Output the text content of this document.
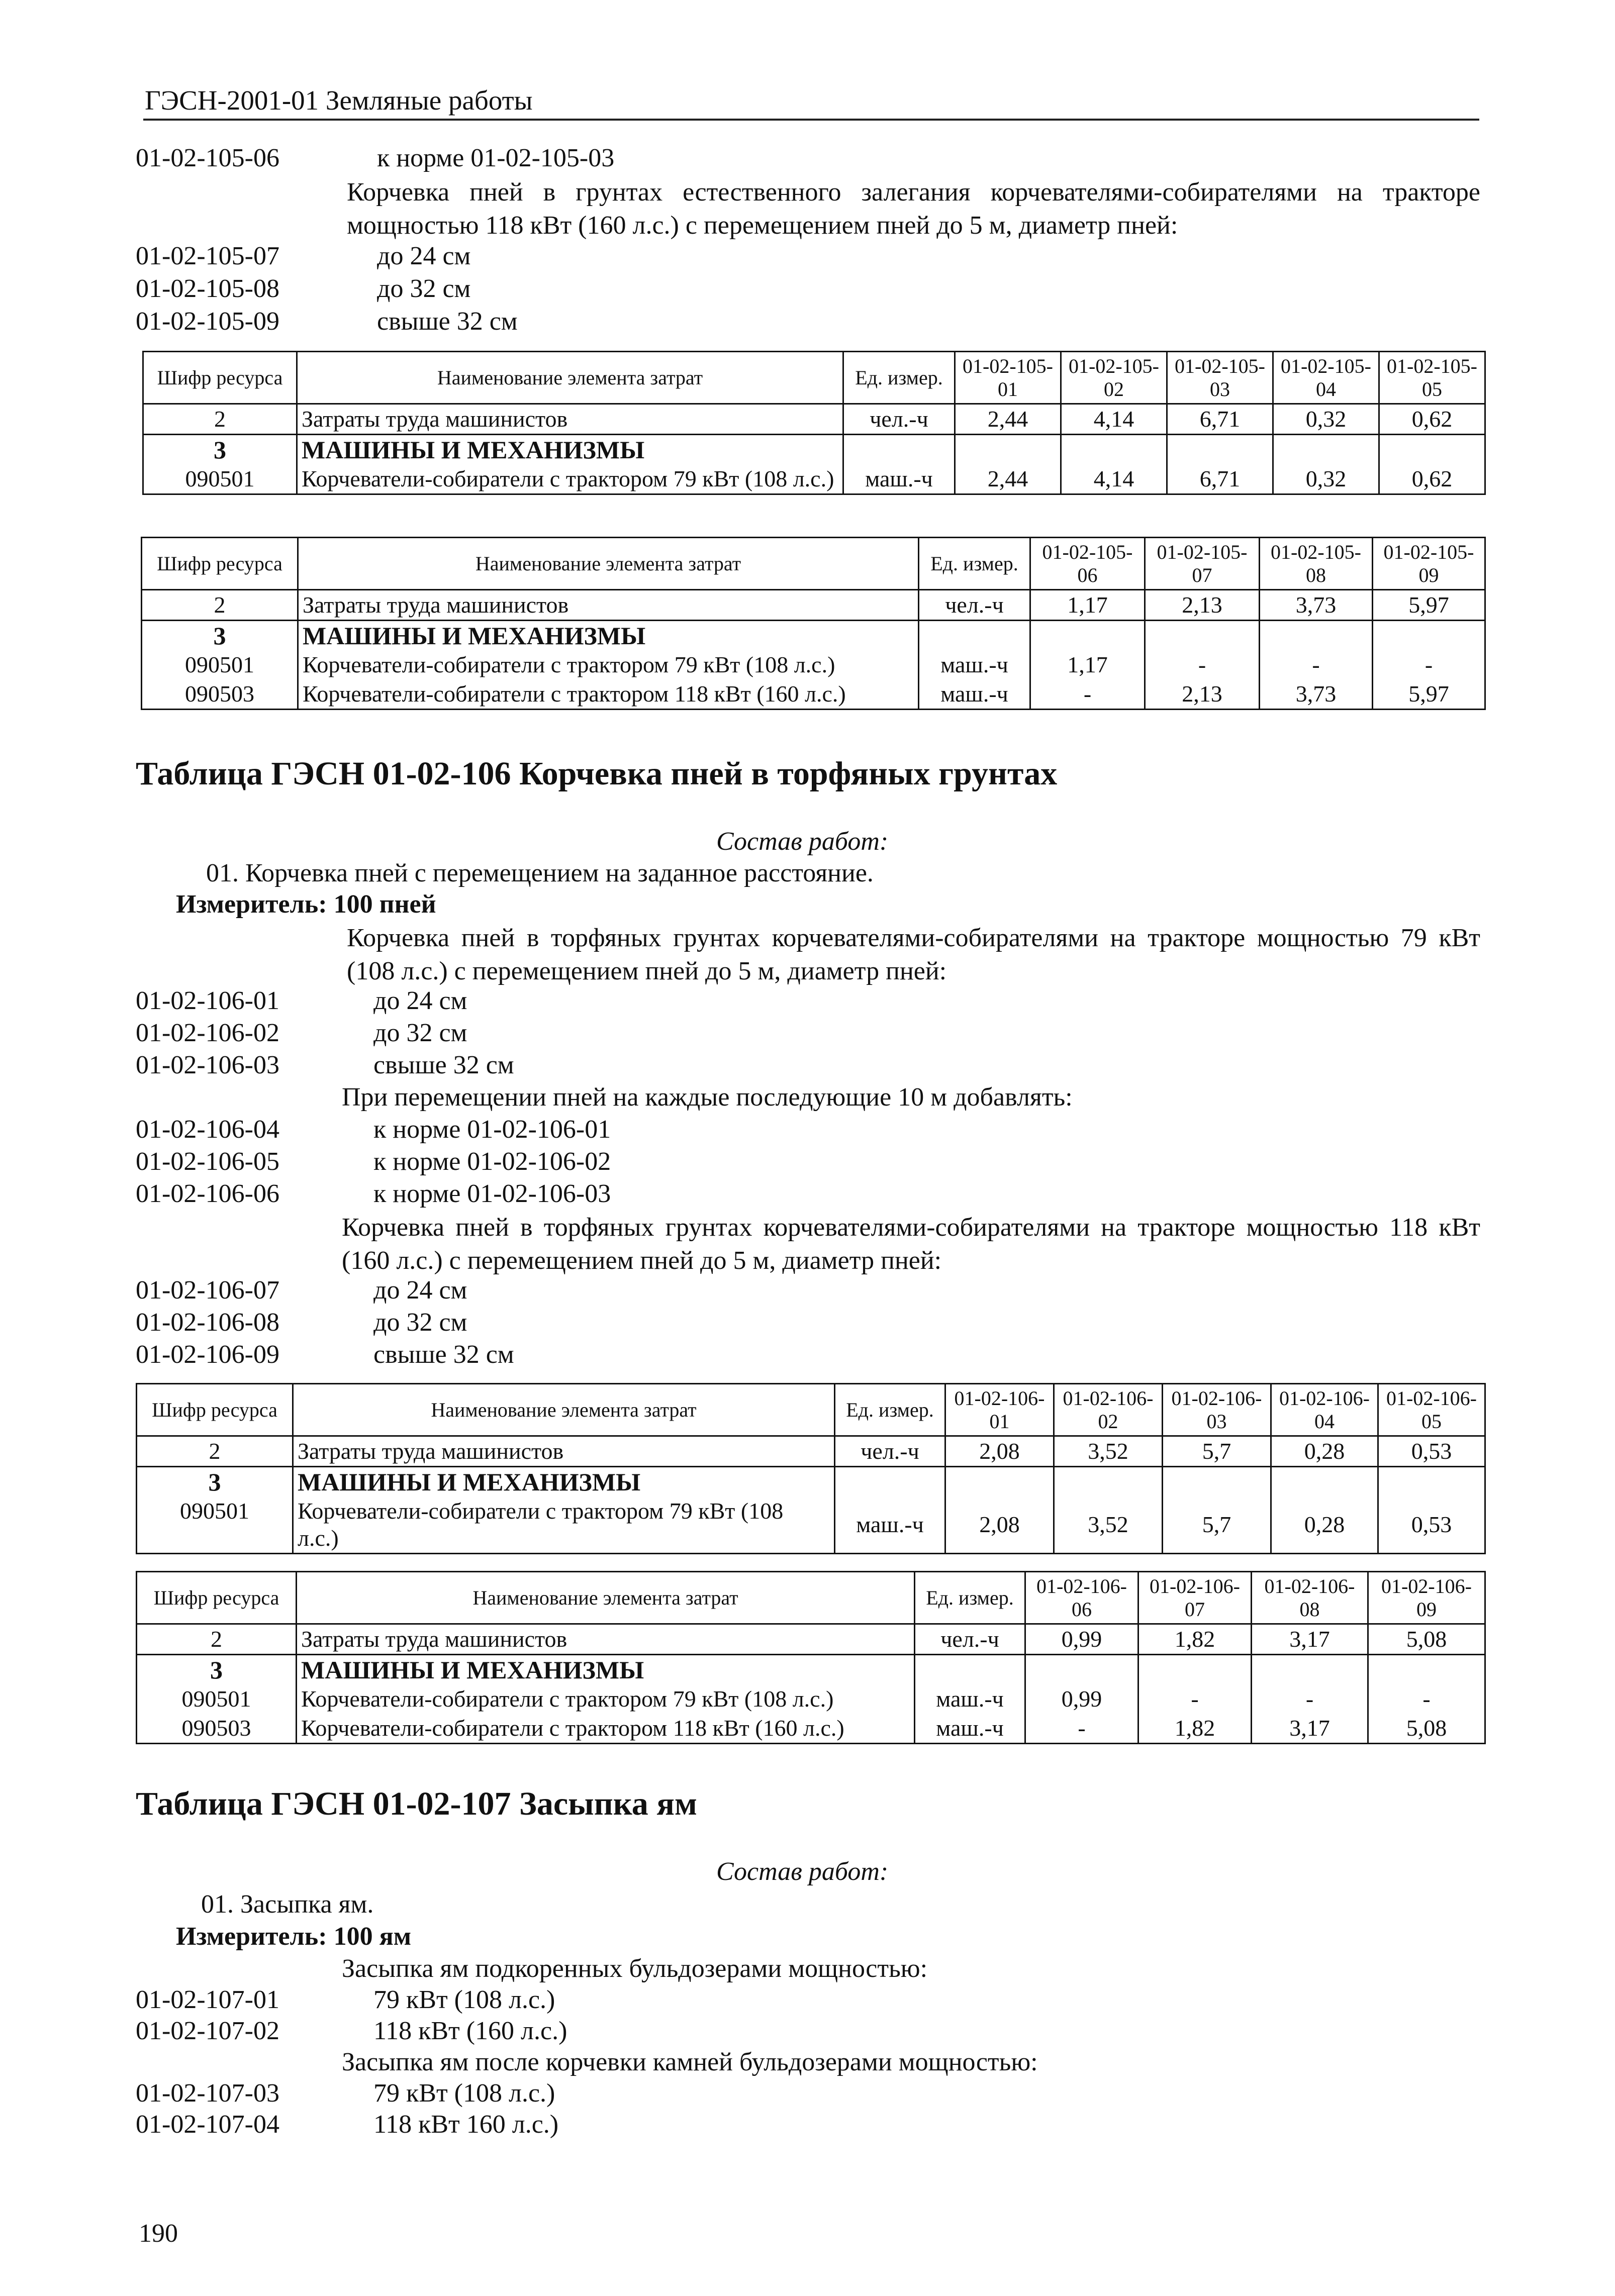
ГЭСН-2001-01 Земляные работы
01-02-105-06	к норме 01-02-105-03
Корчевка пней в грунтах естественного залегания корчевателями-собирателями на тракторе мощностью 118 кВт (160 л.с.) с перемещением пней до 5 м, диаметр пней:
01-02-105-07	до 24 см
01-02-105-08	до 32 см
01-02-105-09	свыше 32 см
Шифр ресурса	Наименование элемента затрат	Ед. измер.	01-02-105-01	01-02-105-02	01-02-105-03	01-02-105-04	01-02-105-05
2	Затраты труда машинистов	чел.-ч	2,44	4,14	6,71	0,32	0,62
3	МАШИНЫ И МЕХАНИЗМЫ						
090501	Корчеватели-собиратели с трактором 79 кВт (108 л.с.)	маш.-ч	2,44	4,14	6,71	0,32	0,62
Шифр ресурса	Наименование элемента затрат	Ед. измер.	01-02-105-06	01-02-105-07	01-02-105-08	01-02-105-09
2	Затраты труда машинистов	чел.-ч	1,17	2,13	3,73	5,97
3	МАШИНЫ И МЕХАНИЗМЫ					
090501	Корчеватели-собиратели с трактором 79 кВт (108 л.с.)	маш.-ч	1,17	-	-	-
090503	Корчеватели-собиратели с трактором 118 кВт (160 л.с.)	маш.-ч	-	2,13	3,73	5,97
Таблица ГЭСН 01-02-106 Корчевка пней в торфяных грунтах
Состав работ:
01. Корчевка пней с перемещением на заданное расстояние.
Измеритель: 100 пней
Корчевка пней в торфяных грунтах корчевателями-собирателями на тракторе мощностью 79 кВт (108 л.с.) с перемещением пней до 5 м, диаметр пней:
01-02-106-01	до 24 см
01-02-106-02	до 32 см
01-02-106-03	свыше 32 см
При перемещении пней на каждые последующие 10 м добавлять:
01-02-106-04	к норме 01-02-106-01
01-02-106-05	к норме 01-02-106-02
01-02-106-06	к норме 01-02-106-03
Корчевка пней в торфяных грунтах корчевателями-собирателями на тракторе мощностью 118 кВт (160 л.с.) с перемещением пней до 5 м, диаметр пней:
01-02-106-07	до 24 см
01-02-106-08	до 32 см
01-02-106-09	свыше 32 см
Шифр ресурса	Наименование элемента затрат	Ед. измер.	01-02-106-01	01-02-106-02	01-02-106-03	01-02-106-04	01-02-106-05
2	Затраты труда машинистов	чел.-ч	2,08	3,52	5,7	0,28	0,53
3	МАШИНЫ И МЕХАНИЗМЫ						
090501	Корчеватели-собиратели с трактором 79 кВт (108 л.с.)	маш.-ч	2,08	3,52	5,7	0,28	0,53
Шифр ресурса	Наименование элемента затрат	Ед. измер.	01-02-106-06	01-02-106-07	01-02-106-08	01-02-106-09
2	Затраты труда машинистов	чел.-ч	0,99	1,82	3,17	5,08
3	МАШИНЫ И МЕХАНИЗМЫ					
090501	Корчеватели-собиратели с трактором 79 кВт (108 л.с.)	маш.-ч	0,99	-	-	-
090503	Корчеватели-собиратели с трактором 118 кВт (160 л.с.)	маш.-ч	-	1,82	3,17	5,08
Таблица ГЭСН 01-02-107 Засыпка ям
Состав работ:
01. Засыпка ям.
Измеритель: 100 ям
Засыпка ям подкоренных бульдозерами мощностью:
01-02-107-01	79 кВт (108 л.с.)
01-02-107-02	118 кВт (160 л.с.)
Засыпка ям после корчевки камней бульдозерами мощностью:
01-02-107-03	79 кВт (108 л.с.)
01-02-107-04	118 кВт 160 л.с.)
190
